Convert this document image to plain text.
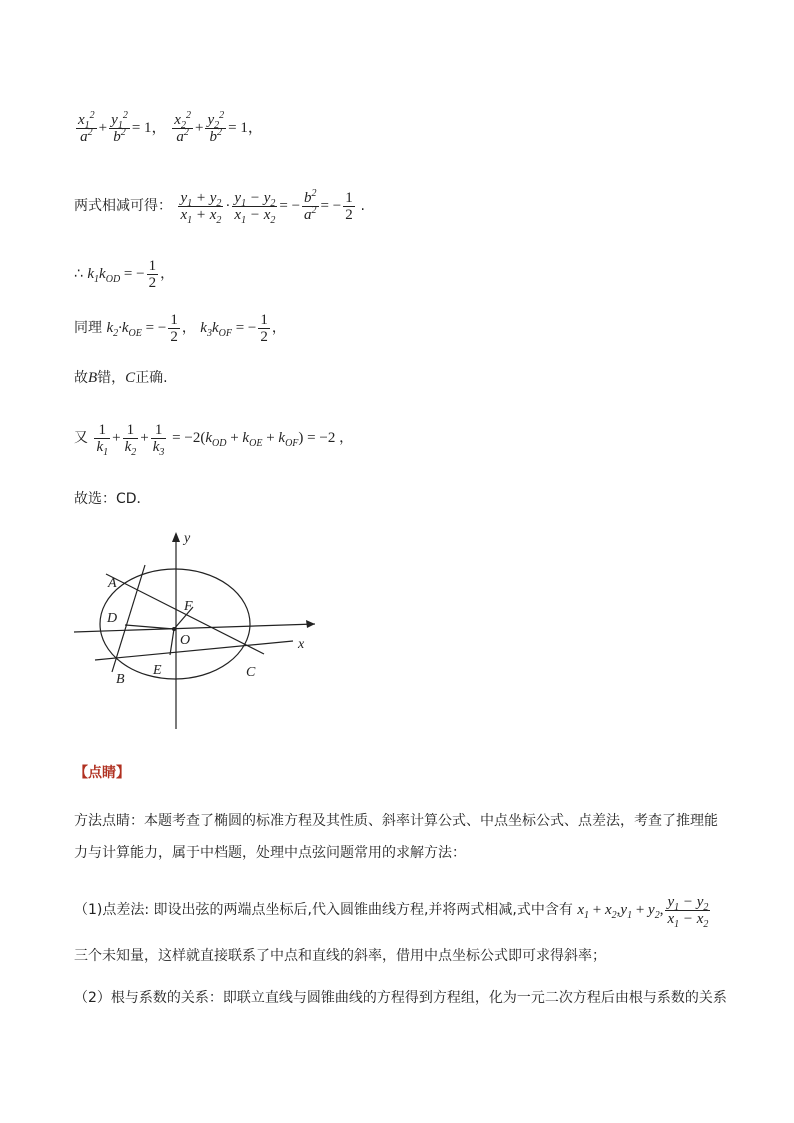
$\frac{x_1^2}{a^2} + \frac{y_1^2}{b^2} = 1$， $\frac{x_2^2}{a^2} + \frac{y_2^2}{b^2} = 1$，
两式相减可得： $\frac{y_1 + y_2}{x_1 + x_2} \cdot \frac{y_1 - y_2}{x_1 - x_2}$ = − $\frac{b^2}{a^2}$ = − $\frac{1}{2}$ .
∴ $k_1k_{OD}$ = − $\frac{1}{2}$ ，
同理 $k_2\cdot k_{OE}$ = − $\frac{1}{2}$ ， $k_3k_{OF}$ = − $\frac{1}{2}$ ，
故B错，C正确.
又 $\frac{1}{k_1} + \frac{1}{k_2} + \frac{1}{k_3} = -2(k_{OD} + k_{OE} + k_{OF}) = -2$ ，
故选：CD．
y
x
A
B	C
D
E
F
O
【点睛】
方法点睛：本题考查了椭圆的标准方程及其性质、斜率计算公式、中点坐标公式、点差法，考查了推理能力与计算能力，属于中档题，处理中点弦问题常用的求解方法：
（1)点差法: 即设出弦的两端点坐标后,代入圆锥曲线方程,并将两式相减,式中含有 $x_1 + x_2,y_1 + y_2$, $\frac{y_1 - y_2}{x_1 - x_2}$
三个未知量，这样就直接联系了中点和直线的斜率，借用中点坐标公式即可求得斜率；
（2）根与系数的关系：即联立直线与圆锥曲线的方程得到方程组，化为一元二次方程后由根与系数的关系
